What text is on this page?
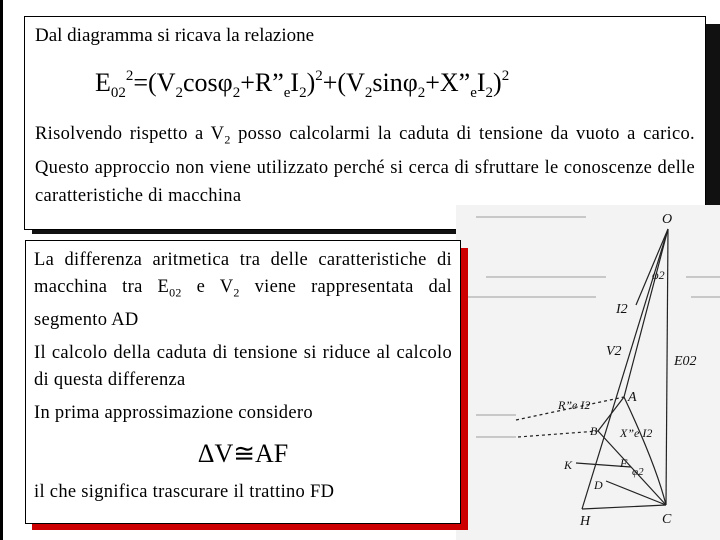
Dal diagramma si ricava la relazione

$E_{02}^2=(V_2\cos\varphi_2+R”_eI_2)^2+(V_2\sin\varphi_2+X”_eI_2)^2$

Risolvendo rispetto a $V_2$ posso calcolarmi la caduta di tensione da vuoto a carico. Questo approccio non viene utilizzato perché si cerca di sfruttare le conoscenze delle caratteristiche di macchina

O
φ2
I2
V2
E02
R”e I2	A
B X”e I2
K	F
φ2
D
H	C

La differenza aritmetica tra delle caratteristiche di macchina tra $E_{02}$ e $V_2$ viene rappresentata dal segmento AD

Il calcolo della caduta di tensione si riduce al calcolo di questa differenza

In prima approssimazione considero

ΔV≅AF

il che significa trascurare il trattino FD
